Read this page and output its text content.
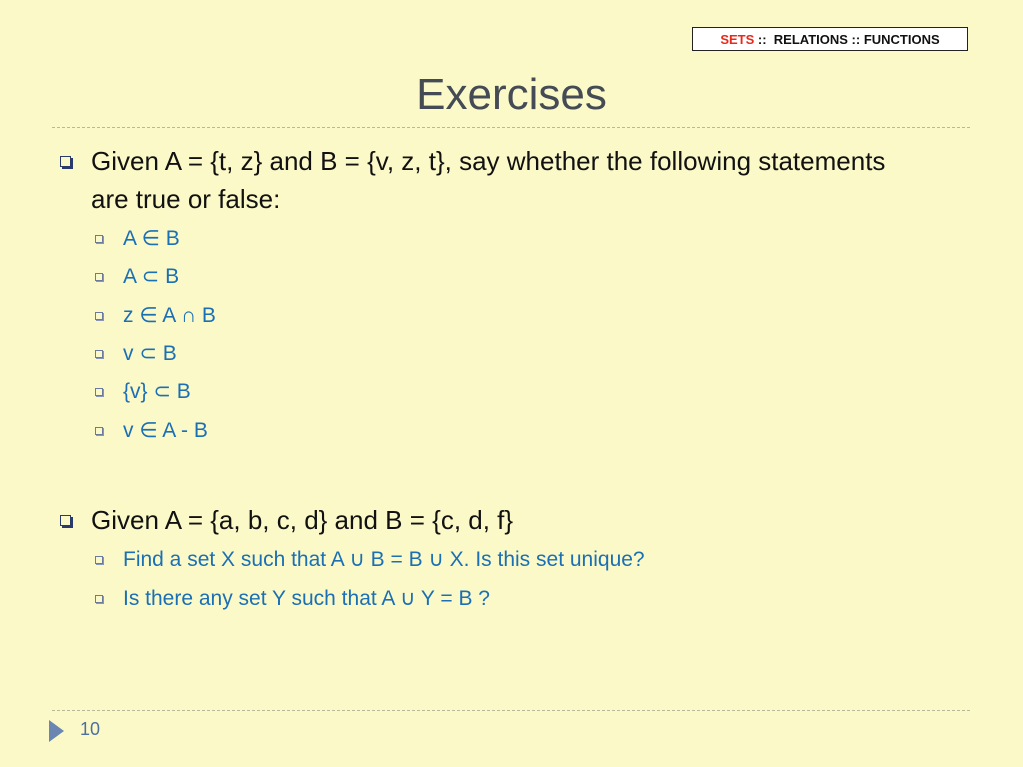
SETS ::  RELATIONS :: FUNCTIONS
Exercises
Given A = {t, z} and B = {v, z, t}, say whether the following statements are true or false:
A ∈ B
A ⊂ B
z ∈ A ∩ B
v ⊂ B
{v} ⊂ B
v ∈ A - B
Given A = {a, b, c, d} and B = {c, d, f}
Find a set X such that A ∪ B = B ∪ X. Is this set unique?
Is there any set Y such that A ∪ Y = B ?
10
